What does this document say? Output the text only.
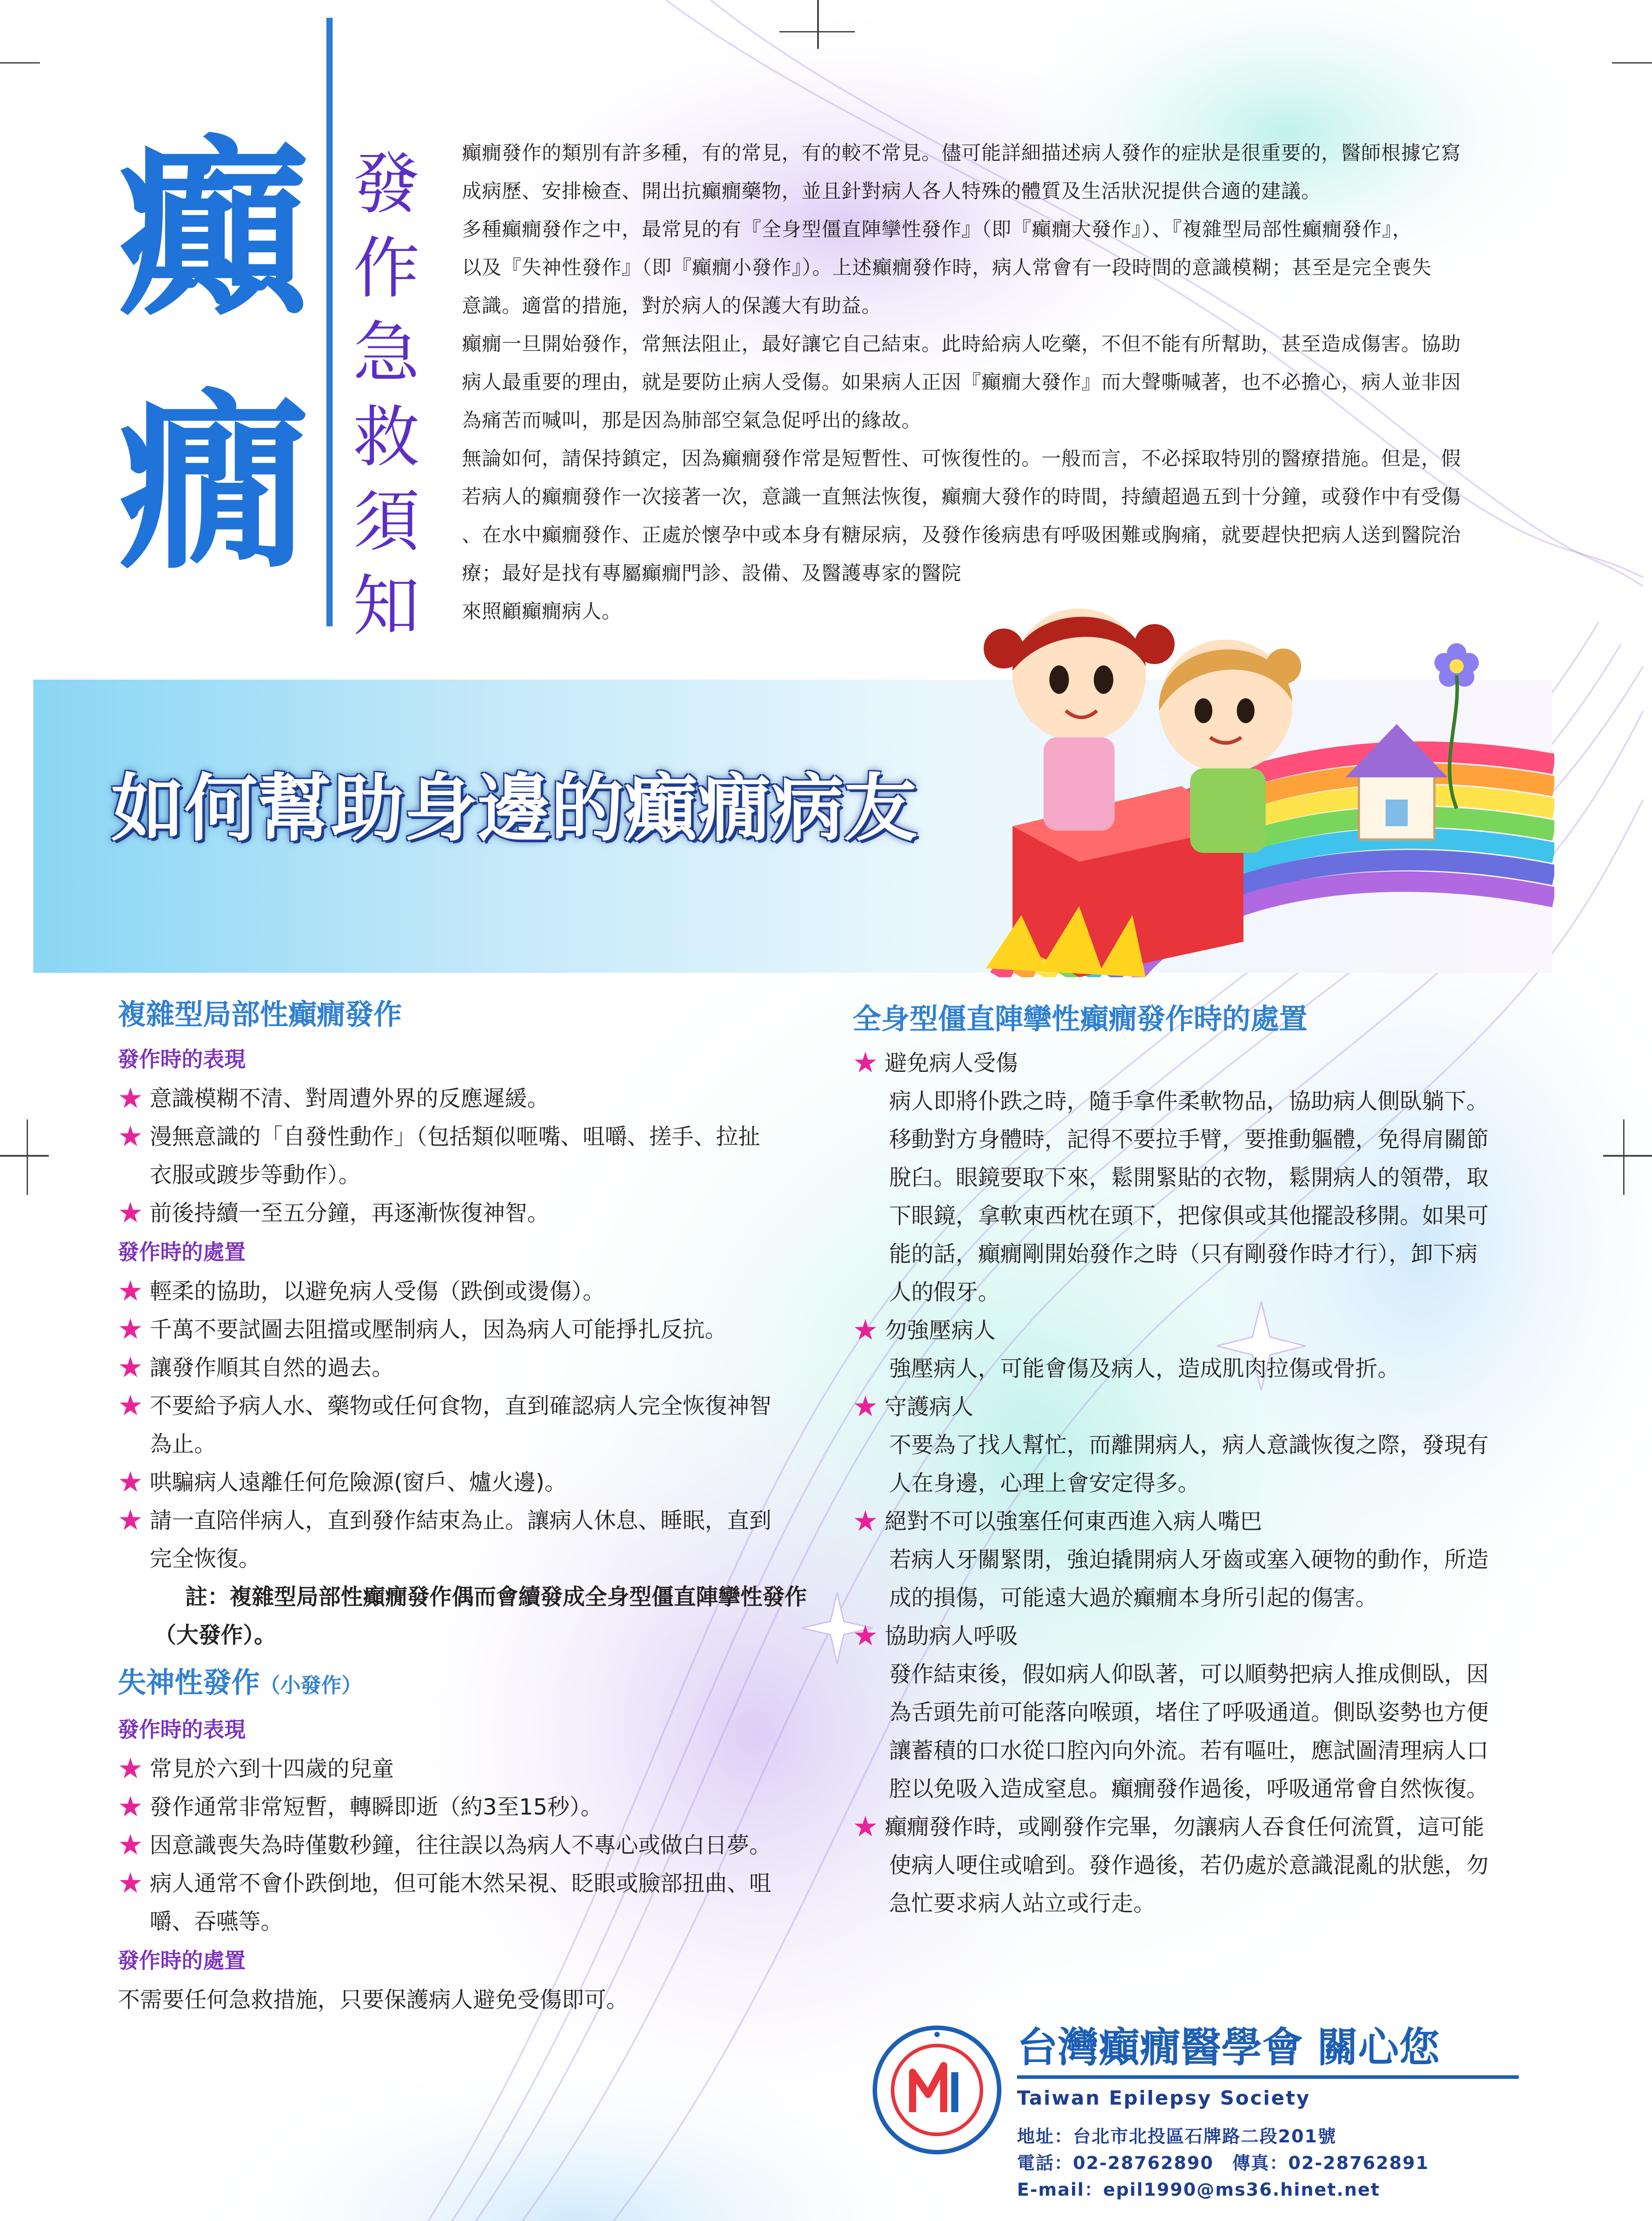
癲
癇
發
作
急
救
須
知

癲癇發作的類別有許多種，有的常見，有的較不常見。儘可能詳細描述病人發作的症狀是很重要的，醫師根據它寫

成病歷、安排檢查、開出抗癲癇藥物，並且針對病人各人特殊的體質及生活狀況提供合適的建議。

多種癲癇發作之中，最常見的有『全身型僵直陣攣性發作』（即『癲癇大發作』）、『複雜型局部性癲癇發作』，

以及『失神性發作』（即『癲癇小發作』）。上述癲癇發作時，病人常會有一段時間的意識模糊；甚至是完全喪失

意識。適當的措施，對於病人的保護大有助益。

癲癇一旦開始發作，常無法阻止，最好讓它自己結束。此時給病人吃藥，不但不能有所幫助，甚至造成傷害。協助

病人最重要的理由，就是要防止病人受傷。如果病人正因『癲癇大發作』而大聲嘶喊著，也不必擔心，病人並非因

為痛苦而喊叫，那是因為肺部空氣急促呼出的緣故。

無論如何，請保持鎮定，因為癲癇發作常是短暫性、可恢復性的。一般而言，不必採取特別的醫療措施。但是，假

若病人的癲癇發作一次接著一次，意識一直無法恢復，癲癇大發作的時間，持續超過五到十分鐘，或發作中有受傷

、在水中癲癇發作、正處於懷孕中或本身有糖尿病，及發作後病患有呼吸困難或胸痛，就要趕快把病人送到醫院治

療；最好是找有專屬癲癇門診、設備、及醫護專家的醫院

來照顧癲癇病人。

如何幫助身邊的癲癇病友
複雜型局部性癲癇發作
發作時的表現
★ 意識模糊不清、對周遭外界的反應遲緩。
★ 漫無意識的「自發性動作」（包括類似咂嘴、咀嚼、搓手、拉扯
衣服或踱步等動作）。
★ 前後持續一至五分鐘，再逐漸恢復神智。
發作時的處置
★ 輕柔的協助，以避免病人受傷（跌倒或燙傷）。
★ 千萬不要試圖去阻擋或壓制病人，因為病人可能掙扎反抗。
★ 讓發作順其自然的過去。
★ 不要給予病人水、藥物或任何食物，直到確認病人完全恢復神智
為止。
★ 哄騙病人遠離任何危險源(窗戶、爐火邊)。
★ 請一直陪伴病人，直到發作結束為止。讓病人休息、睡眠，直到
完全恢復。
註：複雜型局部性癲癇發作偶而會續發成全身型僵直陣攣性發作
（大發作）。
失神性發作（小發作）
發作時的表現
★ 常見於六到十四歲的兒童
★ 發作通常非常短暫，轉瞬即逝（約3至15秒）。
★ 因意識喪失為時僅數秒鐘，往往誤以為病人不專心或做白日夢。
★ 病人通常不會仆跌倒地，但可能木然呆視、眨眼或臉部扭曲、咀
嚼、吞嚥等。
發作時的處置
不需要任何急救措施，只要保護病人避免受傷即可。
全身型僵直陣攣性癲癇發作時的處置
★ 避免病人受傷
病人即將仆跌之時，隨手拿件柔軟物品，協助病人側臥躺下。
移動對方身體時，記得不要拉手臂，要推動軀體，免得肩關節
脫臼。眼鏡要取下來，鬆開緊貼的衣物，鬆開病人的領帶，取
下眼鏡，拿軟東西枕在頭下，把傢俱或其他擺設移開。如果可
能的話，癲癇剛開始發作之時（只有剛發作時才行），卸下病
人的假牙。
★ 勿強壓病人
強壓病人，可能會傷及病人，造成肌肉拉傷或骨折。
★ 守護病人
不要為了找人幫忙，而離開病人，病人意識恢復之際，發現有
人在身邊，心理上會安定得多。
★ 絕對不可以強塞任何東西進入病人嘴巴
若病人牙關緊閉，強迫撬開病人牙齒或塞入硬物的動作，所造
成的損傷，可能遠大過於癲癇本身所引起的傷害。
★ 協助病人呼吸
發作結束後，假如病人仰臥著，可以順勢把病人推成側臥，因
為舌頭先前可能落向喉頭，堵住了呼吸通道。側臥姿勢也方便
讓蓄積的口水從口腔內向外流。若有嘔吐，應試圖清理病人口
腔以免吸入造成窒息。癲癇發作過後，呼吸通常會自然恢復。
★ 癲癇發作時，或剛發作完畢，勿讓病人吞食任何流質，這可能
使病人哽住或嗆到。發作過後，若仍處於意識混亂的狀態，勿
急忙要求病人站立或行走。
台灣癲癇醫學會 關心您
Taiwan Epilepsy Society
地址：台北市北投區石牌路二段201號
電話：02-28762890　傳真：02-28762891
E-mail：epil1990@ms36.hinet.net
